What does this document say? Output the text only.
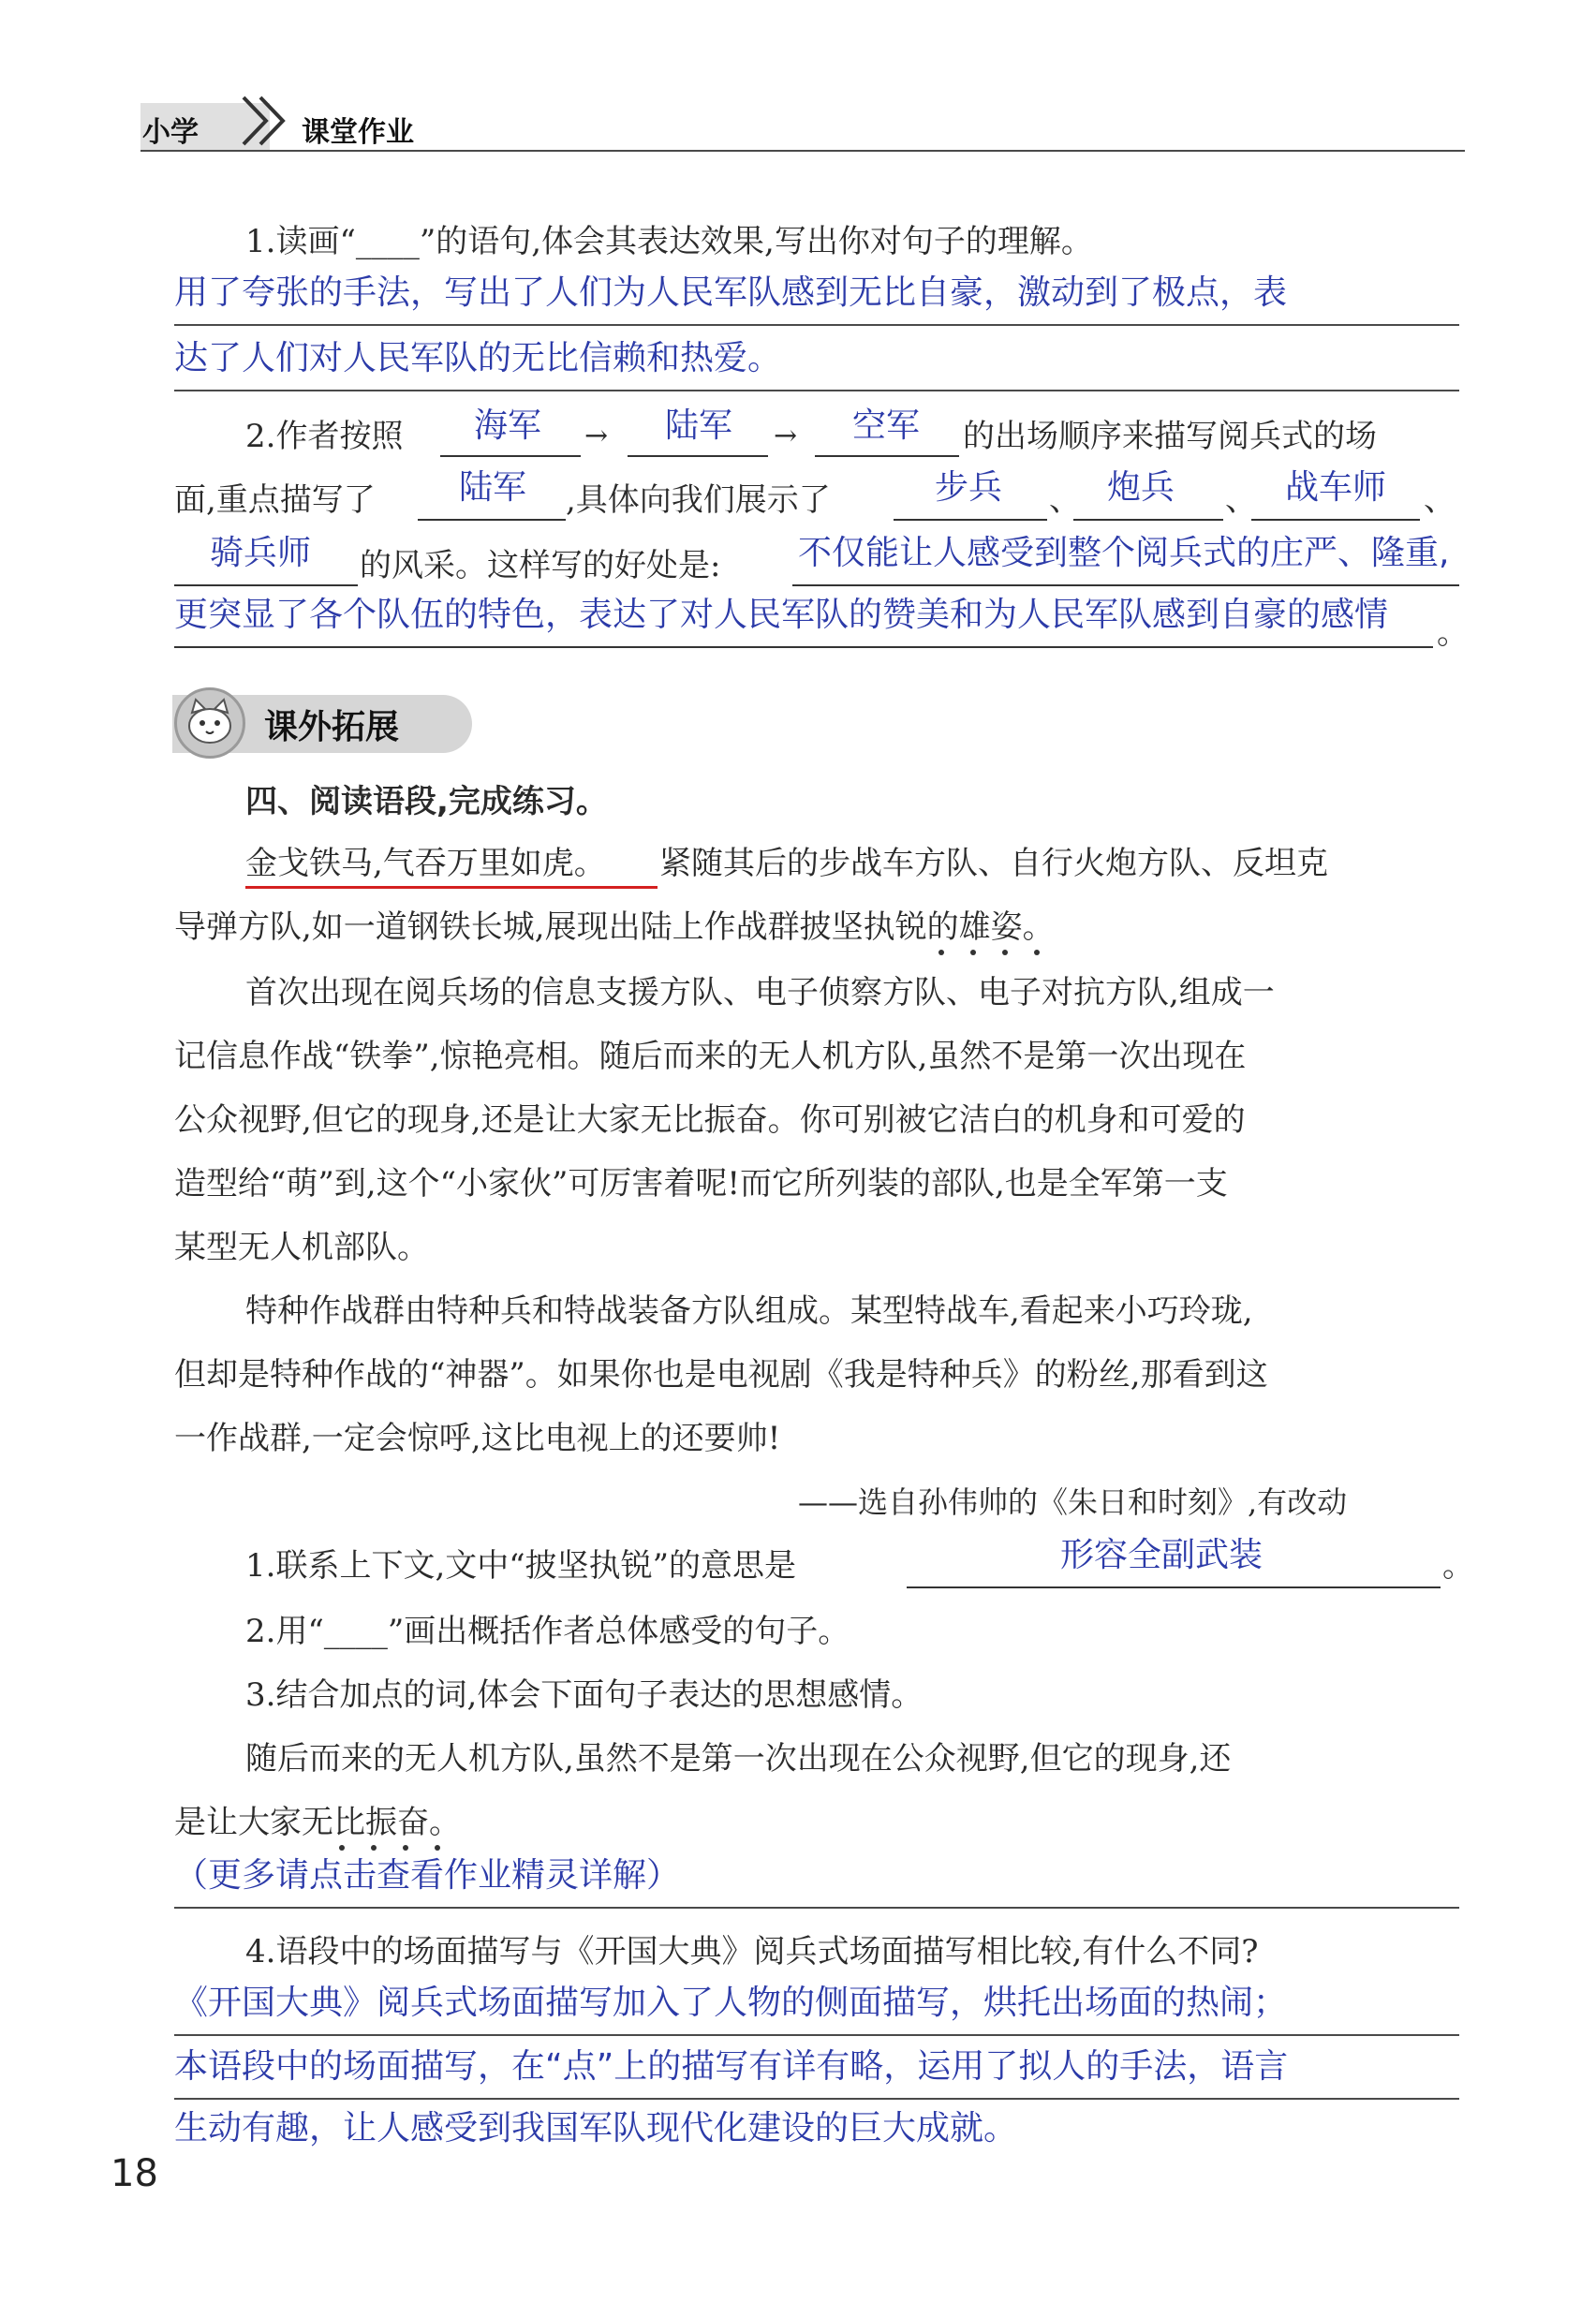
小学	课堂作业
1.读画“____”的语句,体会其表达效果,写出你对句子的理解。
用了夸张的手法，写出了人们为人民军队感到无比自豪，激动到了极点，表
达了人们对人民军队的无比信赖和热爱。
2.作者按照 海军 → 陆军 → 空军 的出场顺序来描写阅兵式的场
面,重点描写了 陆军 ,具体向我们展示了	步兵 、 炮兵 、 战车师 、
骑兵师 的风采。这样写的好处是: 不仅能让人感受到整个阅兵式的庄严、隆重,
更突显了各个队伍的特色，表达了对人民军队的赞美和为人民军队感到自豪的感情 。
课外拓展
四、阅读语段,完成练习。
金戈铁马,气吞万里如虎。 紧随其后的步战车方队、自行火炮方队、反坦克
导弹方队,如一道钢铁长城,展现出陆上作战群披坚执锐的雄姿。
首次出现在阅兵场的信息支援方队、电子侦察方队、电子对抗方队,组成一
记信息作战“铁拳”,惊艳亮相。随后而来的无人机方队,虽然不是第一次出现在
公众视野,但它的现身,还是让大家无比振奋。你可别被它洁白的机身和可爱的
造型给“萌”到,这个“小家伙”可厉害着呢!而它所列装的部队,也是全军第一支
某型无人机部队。
特种作战群由特种兵和特战装备方队组成。某型特战车,看起来小巧玲珑,
但却是特种作战的“神器”。如果你也是电视剧《我是特种兵》的粉丝,那看到这
一作战群,一定会惊呼,这比电视上的还要帅!
——选自孙伟帅的《朱日和时刻》,有改动
1.联系上下文,文中“披坚执锐”的意思是	形容全副武装	。
2.用“____”画出概括作者总体感受的句子。
3.结合加点的词,体会下面句子表达的思想感情。
随后而来的无人机方队,虽然不是第一次出现在公众视野,但它的现身,还
是让大家无比振奋。
（更多请点击查看作业精灵详解）
4.语段中的场面描写与《开国大典》阅兵式场面描写相比较,有什么不同?
《开国大典》阅兵式场面描写加入了人物的侧面描写，烘托出场面的热闹；
本语段中的场面描写，在“点”上的描写有详有略，运用了拟人的手法，语言
生动有趣，让人感受到我国军队现代化建设的巨大成就。
18
